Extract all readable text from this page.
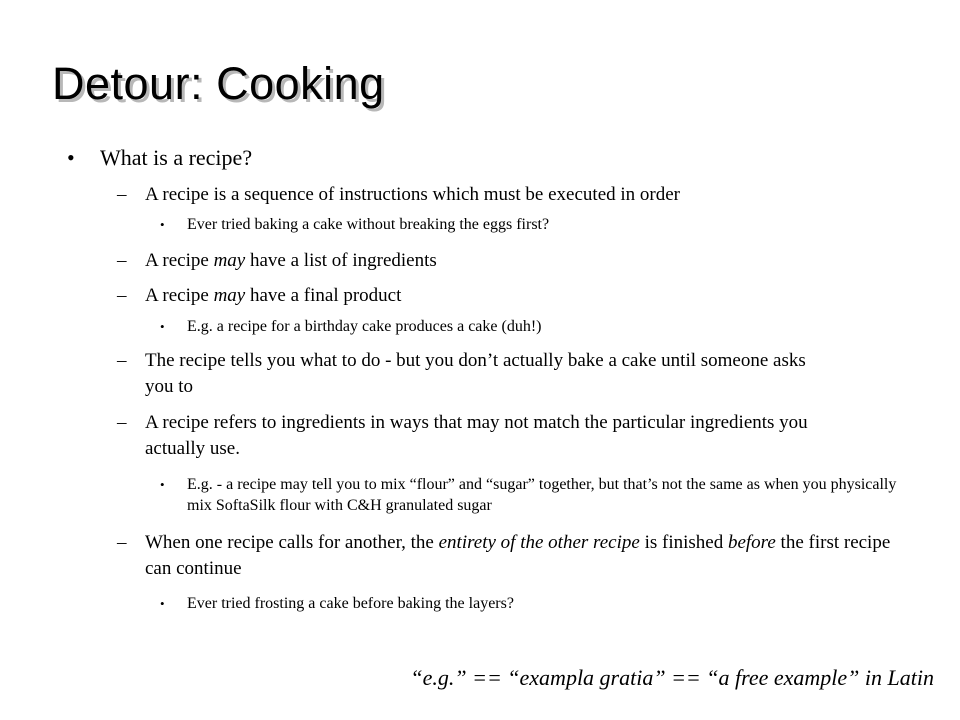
Detour: Cooking
• What is a recipe?
– A recipe is a sequence of instructions which must be executed in order
• Ever tried baking a cake without breaking the eggs first?
– A recipe may have a list of ingredients
– A recipe may have a final product
• E.g. a recipe for a birthday cake produces a cake (duh!)
– The recipe tells you what to do - but you don’t actually bake a cake until someone asks you to
– A recipe refers to ingredients in ways that may not match the particular ingredients you actually use.
• E.g. - a recipe may tell you to mix “flour” and “sugar” together, but that’s not the same as when you physically mix SoftaSilk flour with C&H granulated sugar
– When one recipe calls for another, the entirety of the other recipe is finished before the first recipe can continue
• Ever tried frosting a cake before baking the layers?
“e.g.” == “exampla gratia” == “a free example” in Latin
